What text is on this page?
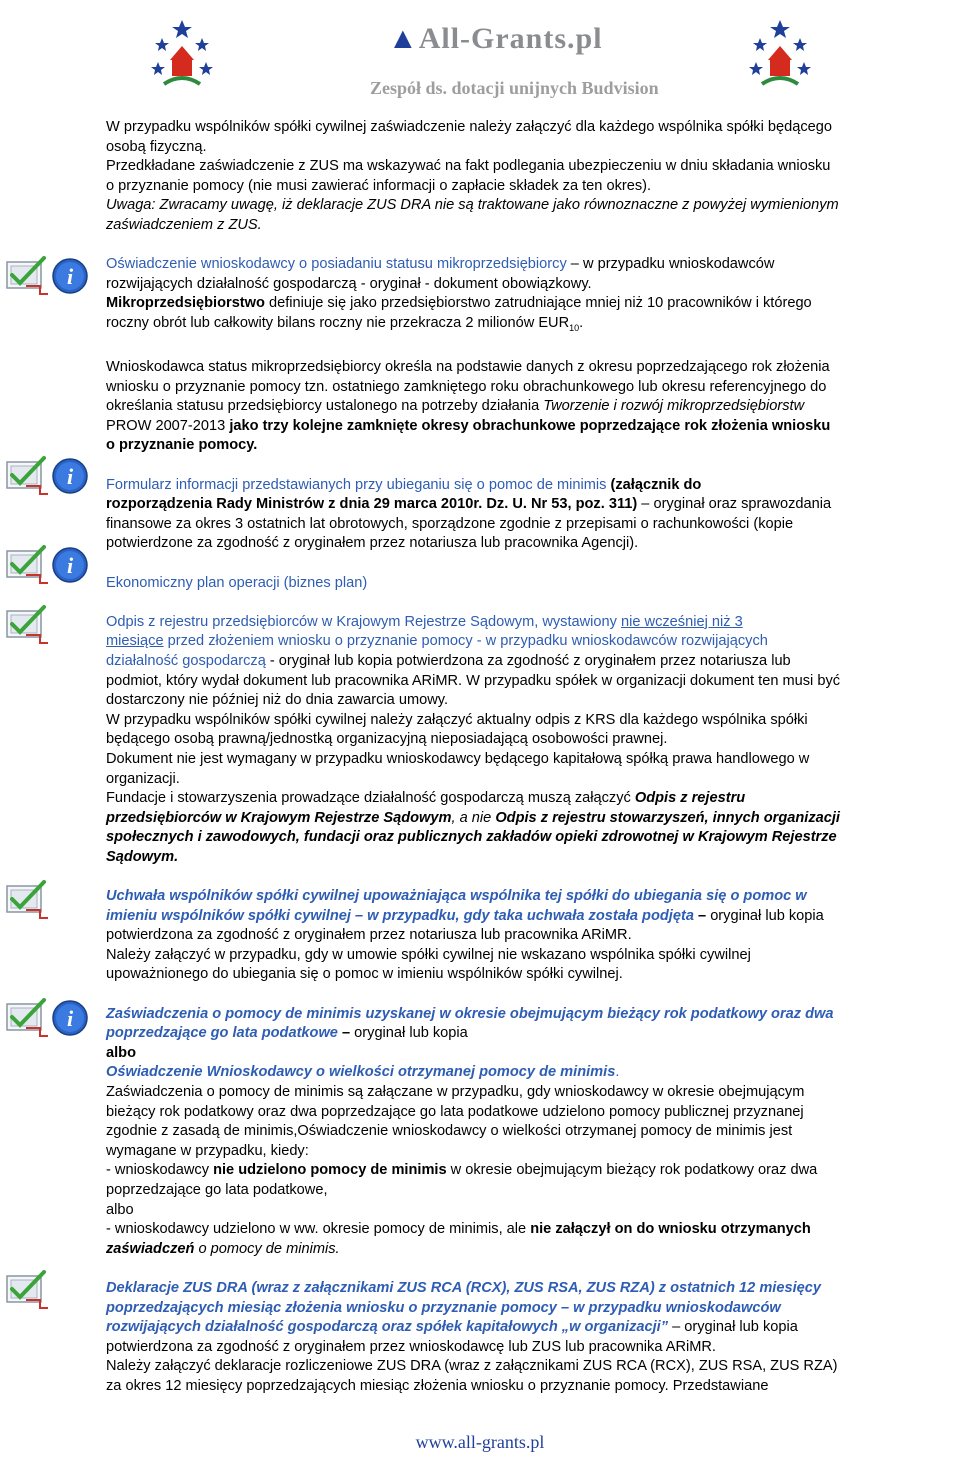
▲All-Grants.pl
Zespół ds. dotacji unijnych Budvision

W przypadku wspólników spółki cywilnej zaświadczenie należy załączyć dla każdego wspólnika spółki będącego

osobą fizyczną.

Przedkładane zaświadczenie z ZUS ma wskazywać na fakt podlegania ubezpieczeniu w dniu składania wniosku

o przyznanie pomocy (nie musi zawierać informacji o zapłacie składek za ten okres).

Uwaga: Zwracamy uwagę, iż deklaracje ZUS DRA nie są traktowane jako równoznaczne z powyżej wymienionym

zaświadczeniem z ZUS.

Oświadczenie wnioskodawcy o posiadaniu statusu mikroprzedsiębiorcy – w przypadku wnioskodawców

rozwijających działalność gospodarczą - oryginał - dokument obowiązkowy.

Mikroprzedsiębiorstwo definiuje się jako przedsiębiorstwo zatrudniające mniej niż 10 pracowników i którego

roczny obrót lub całkowity bilans roczny nie przekracza 2 milionów $EUR_{10}$.

Wnioskodawca status mikroprzedsiębiorcy określa na podstawie danych z okresu poprzedzającego rok złożenia

wniosku o przyznanie pomocy tzn. ostatniego zamkniętego roku obrachunkowego lub okresu referencyjnego do

określania statusu przedsiębiorcy ustalonego na potrzeby działania Tworzenie i rozwój mikroprzedsiębiorstw

PROW 2007-2013 jako trzy kolejne zamknięte okresy obrachunkowe poprzedzające rok złożenia wniosku

o przyznanie pomocy.

Formularz informacji przedstawianych przy ubieganiu się o pomoc de minimis (załącznik do

rozporządzenia Rady Ministrów z dnia 29 marca 2010r. Dz. U. Nr 53, poz. 311) – oryginał oraz sprawozdania

finansowe za okres 3 ostatnich lat obrotowych, sporządzone zgodnie z przepisami o rachunkowości (kopie

potwierdzone za zgodność z oryginałem przez notariusza lub pracownika Agencji).

Ekonomiczny plan operacji (biznes plan)

Odpis z rejestru przedsiębiorców w Krajowym Rejestrze Sądowym, wystawiony nie wcześniej niż 3

miesiące przed złożeniem wniosku o przyznanie pomocy - w przypadku wnioskodawców rozwijających

działalność gospodarczą - oryginał lub kopia potwierdzona za zgodność z oryginałem przez notariusza lub

podmiot, który wydał dokument lub pracownika ARiMR. W przypadku spółek w organizacji dokument ten musi być

dostarczony nie później niż do dnia zawarcia umowy.

W przypadku wspólników spółki cywilnej należy załączyć aktualny odpis z KRS dla każdego wspólnika spółki

będącego osobą prawną/jednostką organizacyjną nieposiadającą osobowości prawnej.

Dokument nie jest wymagany w przypadku wnioskodawcy będącego kapitałową spółką prawa handlowego w

organizacji.

Fundacje i stowarzyszenia prowadzące działalność gospodarczą muszą załączyć Odpis z rejestru

przedsiębiorców w Krajowym Rejestrze Sądowym, a nie Odpis z rejestru stowarzyszeń, innych organizacji

społecznych i zawodowych, fundacji oraz publicznych zakładów opieki zdrowotnej w Krajowym Rejestrze

Sądowym.

Uchwała wspólników spółki cywilnej upoważniająca wspólnika tej spółki do ubiegania się o pomoc w

imieniu wspólników spółki cywilnej – w przypadku, gdy taka uchwała została podjęta – oryginał lub kopia

potwierdzona za zgodność z oryginałem przez notariusza lub pracownika ARiMR.

Należy załączyć w przypadku, gdy w umowie spółki cywilnej nie wskazano wspólnika spółki cywilnej

upoważnionego do ubiegania się o pomoc w imieniu wspólników spółki cywilnej.

Zaświadczenia o pomocy de minimis uzyskanej w okresie obejmującym bieżący rok podatkowy oraz dwa

poprzedzające go lata podatkowe – oryginał lub kopia

albo

Oświadczenie Wnioskodawcy o wielkości otrzymanej pomocy de minimis.

Zaświadczenia o pomocy de minimis są załączane w przypadku, gdy wnioskodawcy w okresie obejmującym

bieżący rok podatkowy oraz dwa poprzedzające go lata podatkowe udzielono pomocy publicznej przyznanej

zgodnie z zasadą de minimis,Oświadczenie wnioskodawcy o wielkości otrzymanej pomocy de minimis jest

wymagane w przypadku, kiedy:

- wnioskodawcy nie udzielono pomocy de minimis w okresie obejmującym bieżący rok podatkowy oraz dwa

poprzedzające go lata podatkowe,

albo

- wnioskodawcy udzielono w ww. okresie pomocy de minimis, ale nie załączył on do wniosku otrzymanych

zaświadczeń o pomocy de minimis.

Deklaracje ZUS DRA (wraz z załącznikami ZUS RCA (RCX), ZUS RSA, ZUS RZA) z ostatnich 12 miesięcy

poprzedzających miesiąc złożenia wniosku o przyznanie pomocy – w przypadku wnioskodawców

rozwijających działalność gospodarczą oraz spółek kapitałowych „w organizacji” – oryginał lub kopia

potwierdzona za zgodność z oryginałem przez wnioskodawcę lub ZUS lub pracownika ARiMR.

Należy załączyć deklaracje rozliczeniowe ZUS DRA (wraz z załącznikami ZUS RCA (RCX), ZUS RSA, ZUS RZA)

za okres 12 miesięcy poprzedzających miesiąc złożenia wniosku o przyznanie pomocy. Przedstawiane

www.all-grants.pl
